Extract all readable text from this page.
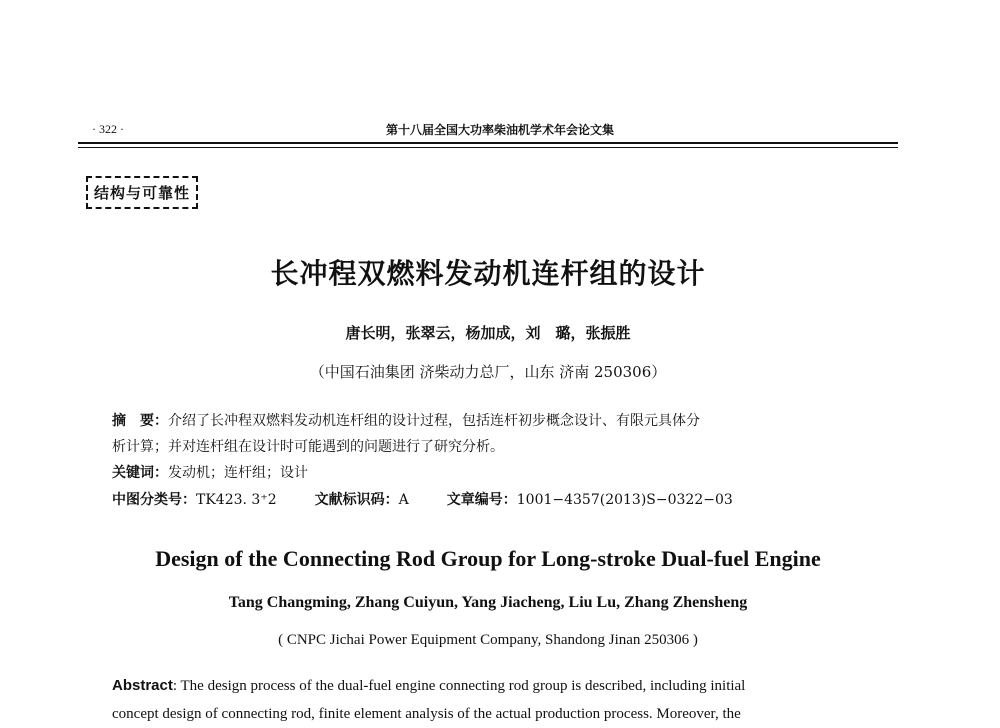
· 322 ·	第十八届全国大功率柴油机学术年会论文集
结构与可靠性
长冲程双燃料发动机连杆组的设计
唐长明，张翠云，杨加成，刘　璐，张振胜
（中国石油集团 济柴动力总厂，山东 济南 250306）
摘　要：介绍了长冲程双燃料发动机连杆组的设计过程，包括连杆初步概念设计、有限元具体分
析计算；并对连杆组在设计时可能遇到的问题进行了研究分析。
关键词：发动机；连杆组；设计
中图分类号：TK423. 3⁺2	文献标识码：A	文章编号：1001−4357(2013)S−0322−03
Design of the Connecting Rod Group for Long-stroke Dual-fuel Engine
Tang Changming, Zhang Cuiyun, Yang Jiacheng, Liu Lu, Zhang Zhensheng
( CNPC Jichai Power Equipment Company, Shandong Jinan 250306 )
Abstract: The design process of the dual-fuel engine connecting rod group is described, including initial
concept design of connecting rod, finite element analysis of the actual production process. Moreover, the
